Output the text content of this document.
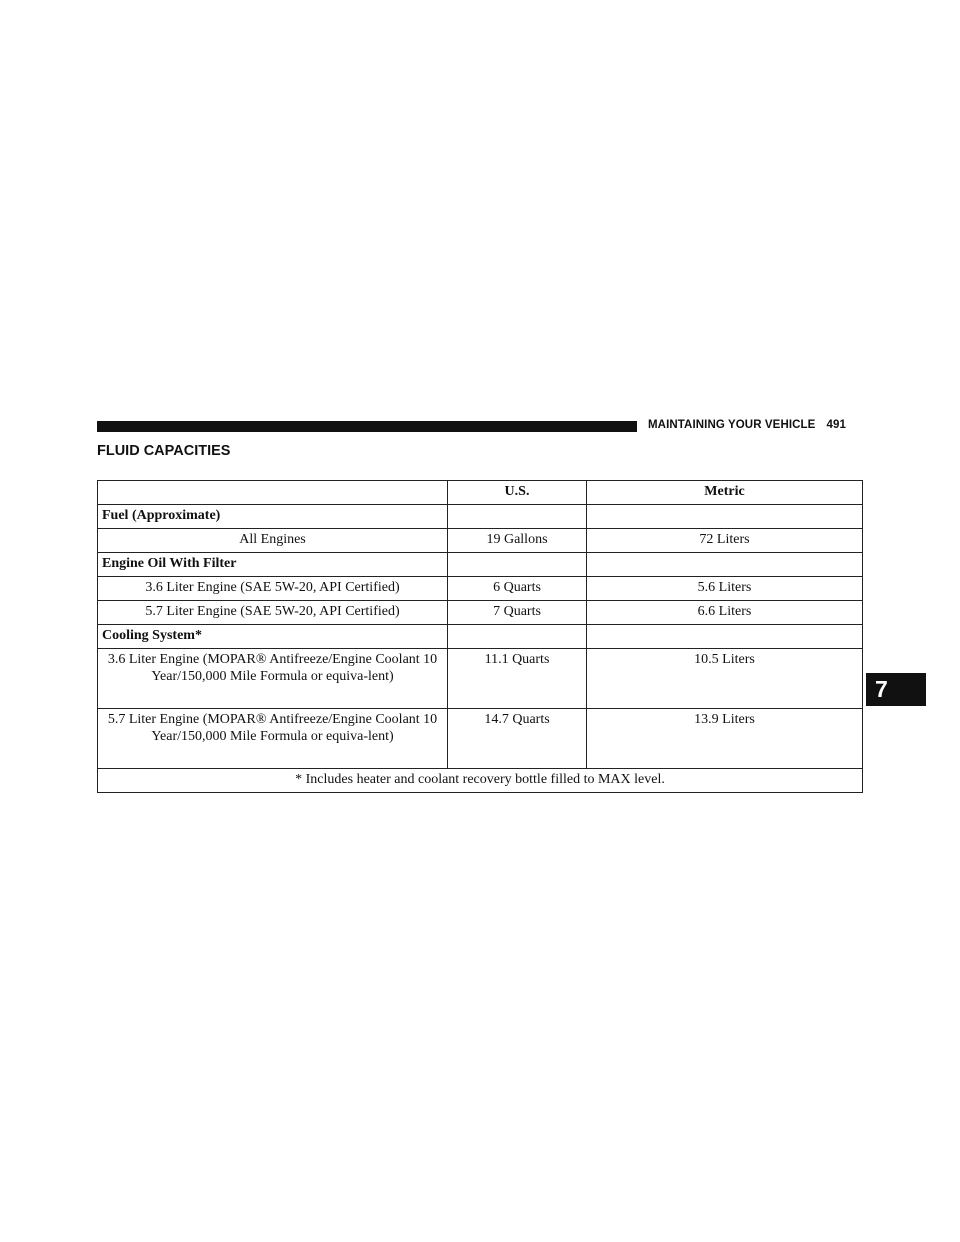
MAINTAINING YOUR VEHICLE 491
FLUID CAPACITIES
	U.S.	Metric
Fuel (Approximate)		
All Engines	19 Gallons	72 Liters
Engine Oil With Filter		
3.6 Liter Engine (SAE 5W-20, API Certified)	6 Quarts	5.6 Liters
5.7 Liter Engine (SAE 5W-20, API Certified)	7 Quarts	6.6 Liters
Cooling System*		
3.6 Liter Engine (MOPAR® Antifreeze/Engine Coolant 10 Year/150,000 Mile Formula or equiva-lent)	11.1 Quarts	10.5 Liters
5.7 Liter Engine (MOPAR® Antifreeze/Engine Coolant 10 Year/150,000 Mile Formula or equiva-lent)	14.7 Quarts	13.9 Liters
* Includes heater and coolant recovery bottle filled to MAX level.		
7
